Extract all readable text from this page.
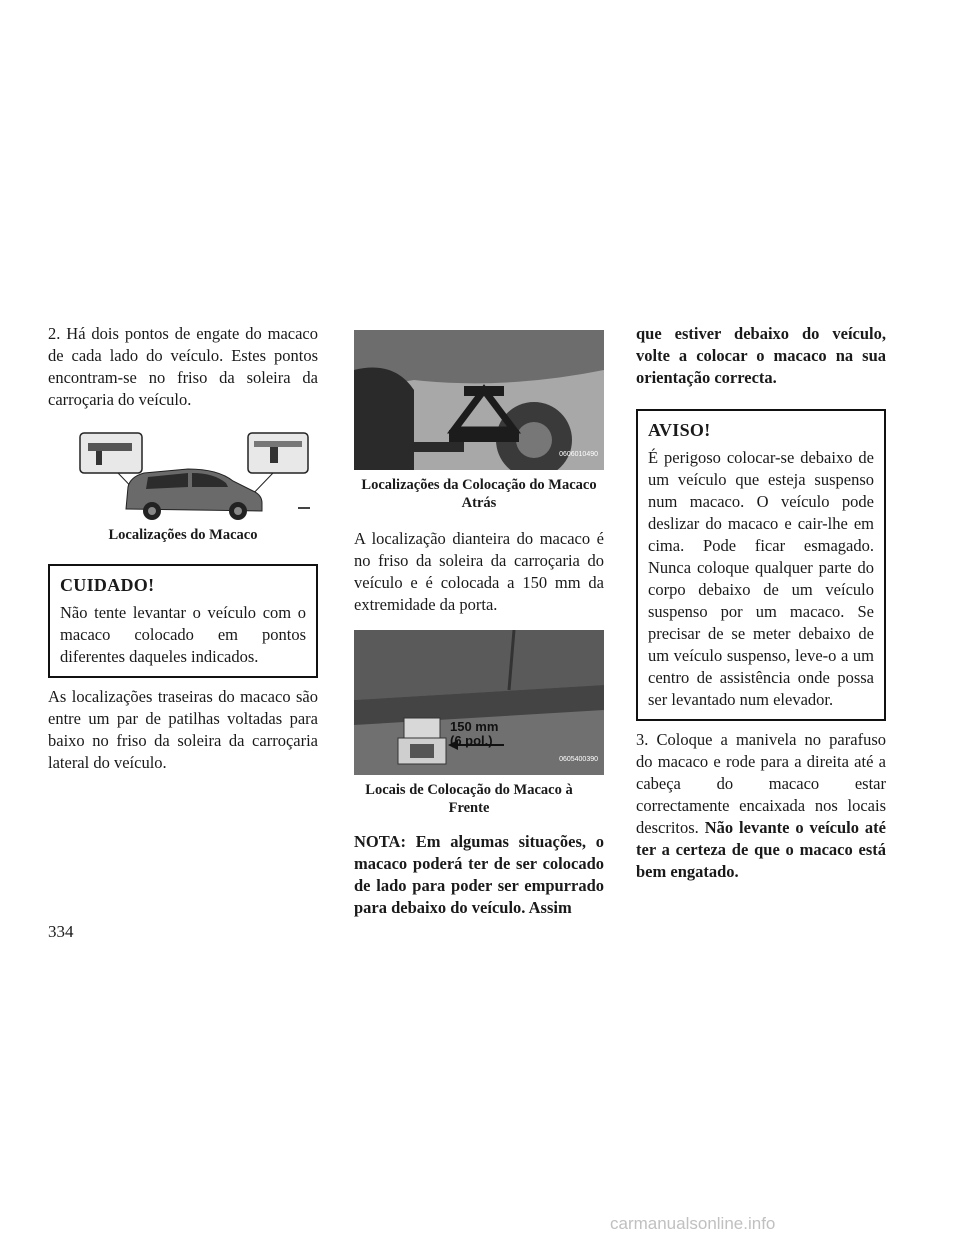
2. Há dois pontos de engate do macaco de cada lado do veículo. Estes pontos encontram-se no friso da soleira da carroçaria do veículo.

Localizações do Macaco
CUIDADO!

Não tente levantar o veículo com o macaco colocado em pontos diferentes daqueles indicados.

As localizações traseiras do macaco são entre um par de patilhas voltadas para baixo no friso da soleira da carroçaria lateral do veículo.

0606010490
Localizações da Colocação do Macaco Atrás

A localização dianteira do macaco é no friso da soleira da carroçaria do veículo e é colocada a 150 mm da extremidade da porta.

150 mm
(6 pol.)
0605400390
Locais de Colocação do Macaco à Frente

NOTA: Em algumas situações, o macaco poderá ter de ser colocado de lado para poder ser empurrado para debaixo do veículo. Assim

que estiver debaixo do veículo, volte a colocar o macaco na sua orientação correcta.

AVISO!

É perigoso colocar-se debaixo de um veículo que esteja suspenso num macaco. O veículo pode deslizar do macaco e cair-lhe em cima. Pode ficar esmagado. Nunca coloque qualquer parte do corpo debaixo de um veículo suspenso por um macaco. Se precisar de se meter debaixo de um veículo suspenso, leve-o a um centro de assistência onde possa ser levantado num elevador.

3. Coloque a manivela no parafuso do macaco e rode para a direita até a cabeça do macaco estar correctamente encaixada nos locais descritos. Não levante o veículo até ter a certeza de que o macaco está bem engatado.

334
carmanualsonline.info
